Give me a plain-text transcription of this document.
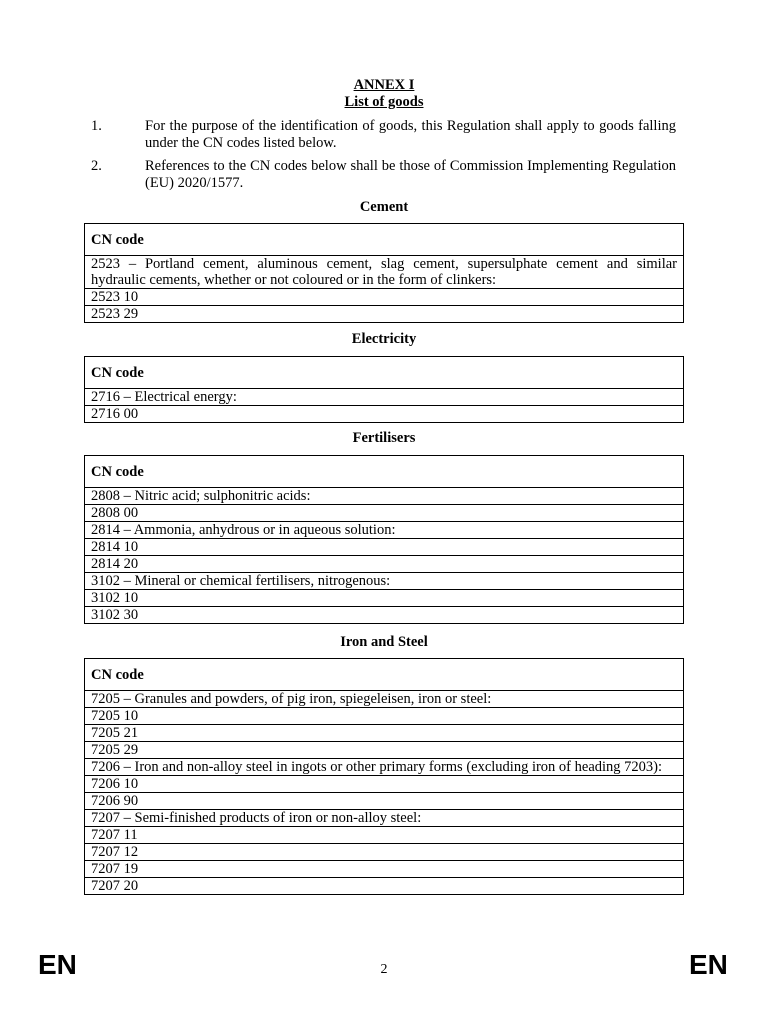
ANNEX I
List of goods
1.	For the purpose of the identification of goods, this Regulation shall apply to goods falling under the CN codes listed below.
2.	References to the CN codes below shall be those of Commission Implementing Regulation (EU) 2020/1577.
Cement
CN code
2523 – Portland cement, aluminous cement, slag cement, supersulphate cement and similar hydraulic cements, whether or not coloured or in the form of clinkers:
2523 10
2523 29
Electricity
CN code
2716 – Electrical energy:
2716 00
Fertilisers
CN code
2808 – Nitric acid; sulphonitric acids:
2808 00
2814 – Ammonia, anhydrous or in aqueous solution:
2814 10
2814 20
3102 – Mineral or chemical fertilisers, nitrogenous:
3102 10
3102 30
Iron and Steel
CN code
7205 – Granules and powders, of pig iron, spiegeleisen, iron or steel:
7205 10
7205 21
7205 29
7206 – Iron and non-alloy steel in ingots or other primary forms (excluding iron of heading 7203):
7206 10
7206 90
7207 – Semi-finished products of iron or non-alloy steel:
7207 11
7207 12
7207 19
7207 20
EN	2	EN
